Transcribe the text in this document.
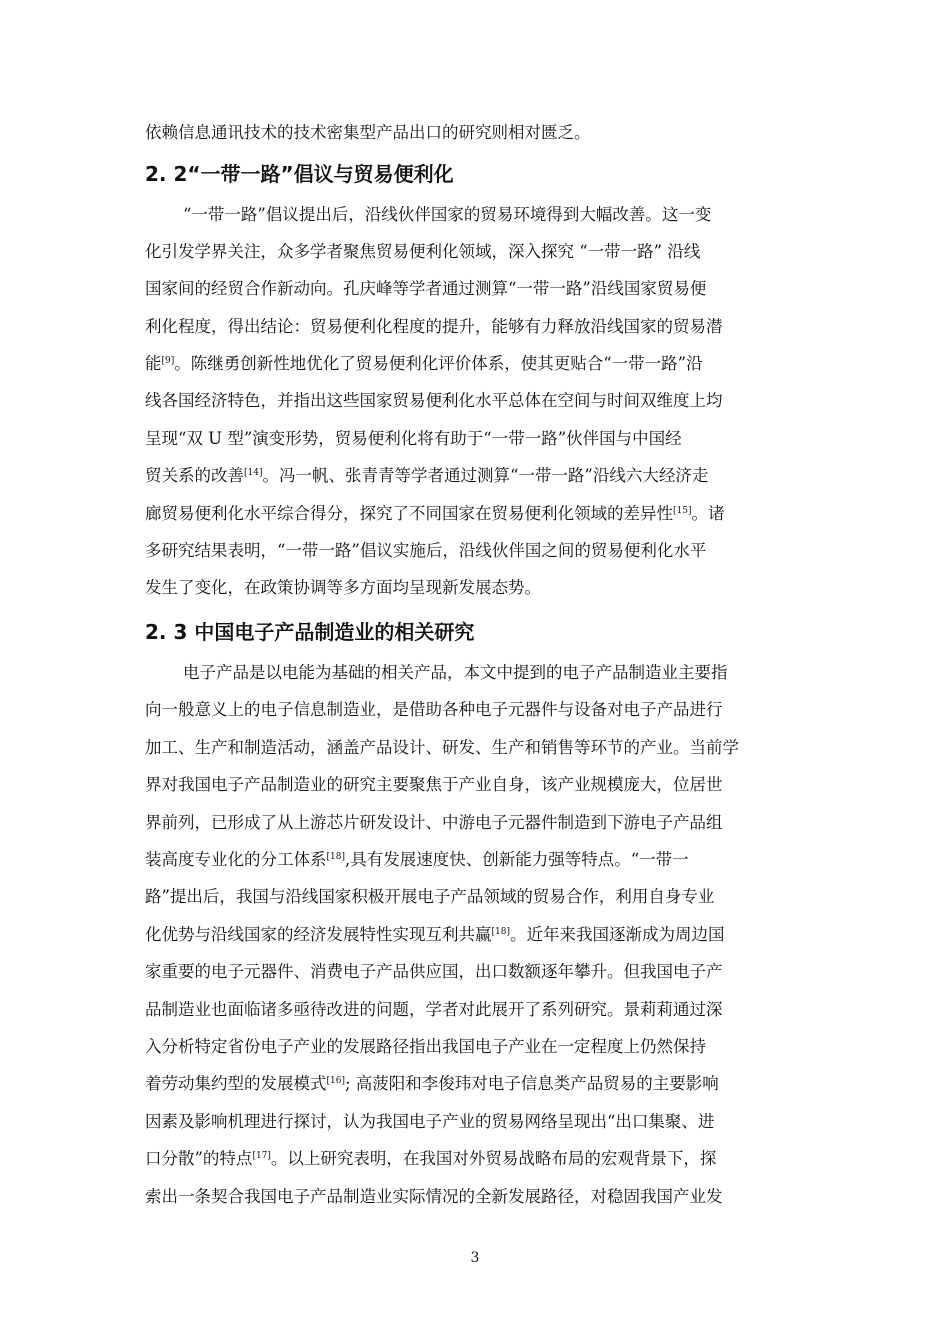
依赖信息通讯技术的技术密集型产品出口的研究则相对匮乏。
2. 2“一带一路”倡议与贸易便利化
“一带一路”倡议提出后，沿线伙伴国家的贸易环境得到大幅改善。这一变
化引发学界关注，众多学者聚焦贸易便利化领域，深入探究 “一带一路” 沿线
国家间的经贸合作新动向。孔庆峰等学者通过测算“一带一路”沿线国家贸易便
利化程度，得出结论：贸易便利化程度的提升，能够有力释放沿线国家的贸易潜
能[9]。陈继勇创新性地优化了贸易便利化评价体系，使其更贴合“一带一路”沿
线各国经济特色，并指出这些国家贸易便利化水平总体在空间与时间双维度上均
呈现“双 U 型”演变形势，贸易便利化将有助于“一带一路”伙伴国与中国经
贸关系的改善[14]。冯一帆、张青青等学者通过测算“一带一路”沿线六大经济走
廊贸易便利化水平综合得分，探究了不同国家在贸易便利化领域的差异性[15]。诸
多研究结果表明，“一带一路”倡议实施后，沿线伙伴国之间的贸易便利化水平
发生了变化，在政策协调等多方面均呈现新发展态势。
2. 3 中国电子产品制造业的相关研究
电子产品是以电能为基础的相关产品，本文中提到的电子产品制造业主要指
向一般意义上的电子信息制造业，是借助各种电子元器件与设备对电子产品进行
加工、生产和制造活动，涵盖产品设计、研发、生产和销售等环节的产业。当前学
界对我国电子产品制造业的研究主要聚焦于产业自身，该产业规模庞大，位居世
界前列，已形成了从上游芯片研发设计、中游电子元器件制造到下游电子产品组
装高度专业化的分工体系[18],具有发展速度快、创新能力强等特点。“一带一
路”提出后，我国与沿线国家积极开展电子产品领域的贸易合作，利用自身专业
化优势与沿线国家的经济发展特性实现互利共赢[18]。近年来我国逐渐成为周边国
家重要的电子元器件、消费电子产品供应国，出口数额逐年攀升。但我国电子产
品制造业也面临诸多亟待改进的问题，学者对此展开了系列研究。景莉莉通过深
入分析特定省份电子产业的发展路径指出我国电子产业在一定程度上仍然保持
着劳动集约型的发展模式[16]; 高菠阳和李俊玮对电子信息类产品贸易的主要影响
因素及影响机理进行探讨，认为我国电子产业的贸易网络呈现出“出口集聚、进
口分散”的特点[17]。以上研究表明，在我国对外贸易战略布局的宏观背景下，探
索出一条契合我国电子产品制造业实际情况的全新发展路径，对稳固我国产业发
3
